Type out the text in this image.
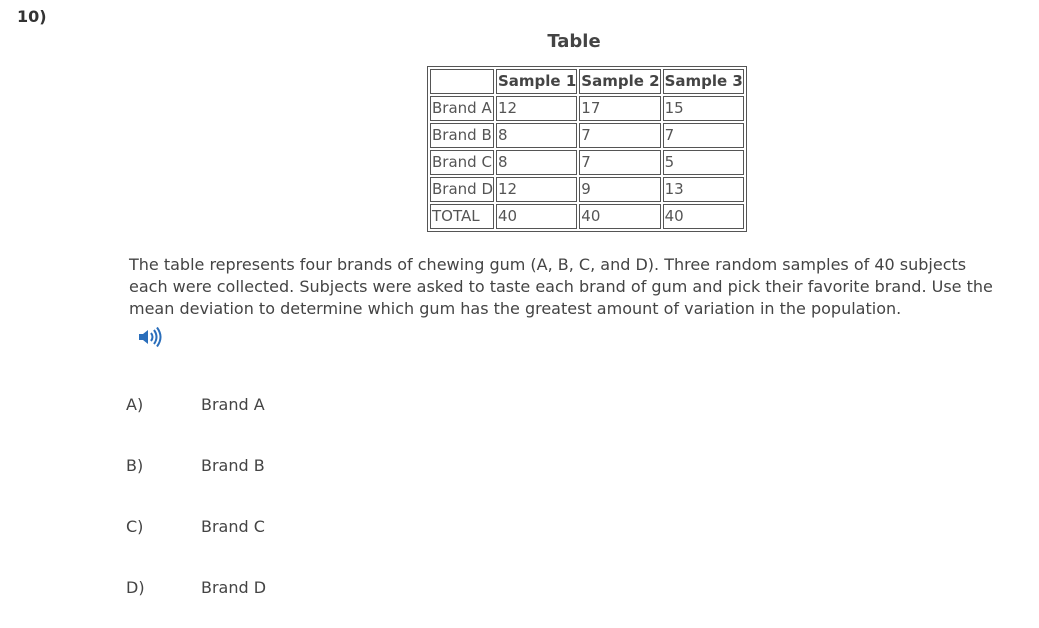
10)
Table
	Sample 1	Sample 2	Sample 3
Brand A	12	17	15
Brand B	8	7	7
Brand C	8	7	5
Brand D	12	9	13
TOTAL	40	40	40
The table represents four brands of chewing gum (A, B, C, and D). Three random samples of 40 subjects each were collected. Subjects were asked to taste each brand of gum and pick their favorite brand. Use the mean deviation to determine which gum has the greatest amount of variation in the population.
A)	Brand A
B)	Brand B
C)	Brand C
D)	Brand D
